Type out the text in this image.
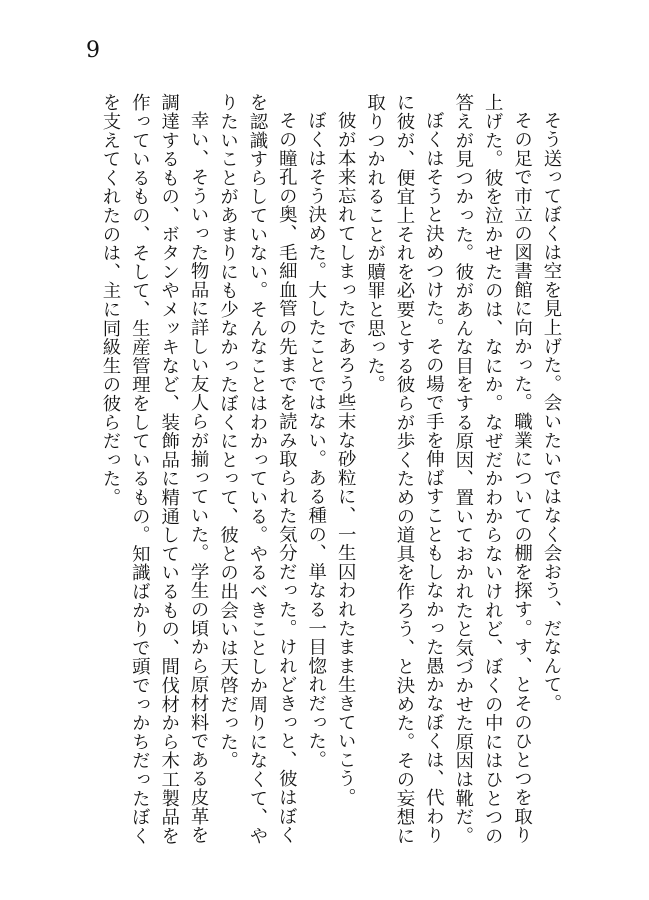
9

そう送ってぼくは空を見上げた。会いたいではなく会おう、だなんて。

その足で市立の図書館に向かった。職業についての棚を探す。す、とそのひとつを取り上げた。彼を泣かせたのは、なにか。なぜだかわからないけれど、ぼくの中にはひとつの答えが見つかった。彼があんな目をする原因、置いておかれたと気づかせた原因は靴だ。

ぼくはそうと決めつけた。その場で手を伸ばすこともしなかった愚かなぼくは、代わりに彼が、便宜上それを必要とする彼らが歩くための道具を作ろう、と決めた。その妄想に取りつかれることが贖罪と思った。

彼が本来忘れてしまったであろう些末な砂粒に、一生囚われたまま生きていこう。

ぼくはそう決めた。大したことではない。ある種の、単なる一目惚れだった。

その瞳孔の奥、毛細血管の先までを読み取られた気分だった。けれどきっと、彼はぼくを認識すらしていない。そんなことはわかっている。やるべきことしか周りになくて、やりたいことがあまりにも少なかったぼくにとって、彼との出会いは天啓だった。

幸い、そういった物品に詳しい友人らが揃っていた。学生の頃から原材料である皮革を調達するもの、ボタンやメッキなど、装飾品に精通しているもの、間伐材から木工製品を作っているもの、そして、生産管理をしているもの。知識ばかりで頭でっかちだったぼくを支えてくれたのは、主に同級生の彼らだった。
